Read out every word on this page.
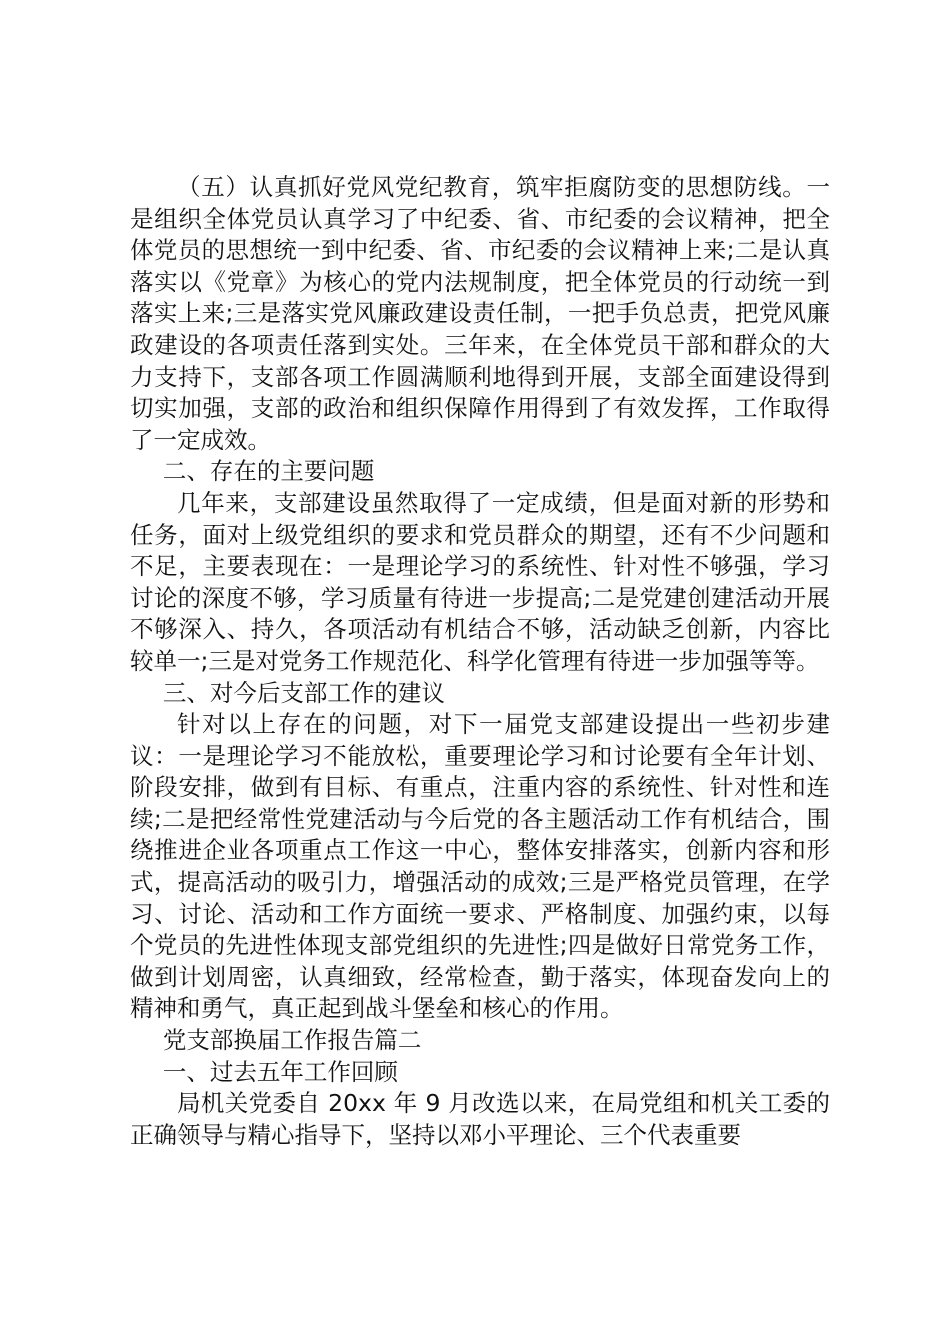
（五）认真抓好党风党纪教育，筑牢拒腐防变的思想防线。一是组织全体党员认真学习了中纪委、省、市纪委的会议精神，把全体党员的思想统一到中纪委、省、市纪委的会议精神上来;二是认真落实以《党章》为核心的党内法规制度，把全体党员的行动统一到落实上来;三是落实党风廉政建设责任制，一把手负总责，把党风廉政建设的各项责任落到实处。三年来，在全体党员干部和群众的大力支持下，支部各项工作圆满顺利地得到开展，支部全面建设得到切实加强，支部的政治和组织保障作用得到了有效发挥，工作取得了一定成效。

二、存在的主要问题

几年来，支部建设虽然取得了一定成绩，但是面对新的形势和任务，面对上级党组织的要求和党员群众的期望，还有不少问题和不足，主要表现在：一是理论学习的系统性、针对性不够强，学习讨论的深度不够，学习质量有待进一步提高;二是党建创建活动开展不够深入、持久，各项活动有机结合不够，活动缺乏创新，内容比较单一;三是对党务工作规范化、科学化管理有待进一步加强等等。

三、对今后支部工作的建议

针对以上存在的问题，对下一届党支部建设提出一些初步建议：一是理论学习不能放松，重要理论学习和讨论要有全年计划、阶段安排，做到有目标、有重点，注重内容的系统性、针对性和连续;二是把经常性党建活动与今后党的各主题活动工作有机结合，围绕推进企业各项重点工作这一中心，整体安排落实，创新内容和形式，提高活动的吸引力，增强活动的成效;三是严格党员管理，在学习、讨论、活动和工作方面统一要求、严格制度、加强约束，以每个党员的先进性体现支部党组织的先进性;四是做好日常党务工作，做到计划周密，认真细致，经常检查，勤于落实，体现奋发向上的精神和勇气，真正起到战斗堡垒和核心的作用。

党支部换届工作报告篇二

一、过去五年工作回顾

局机关党委自 20xx 年 9 月改选以来，在局党组和机关工委的正确领导与精心指导下，坚持以邓小平理论、三个代表重要
